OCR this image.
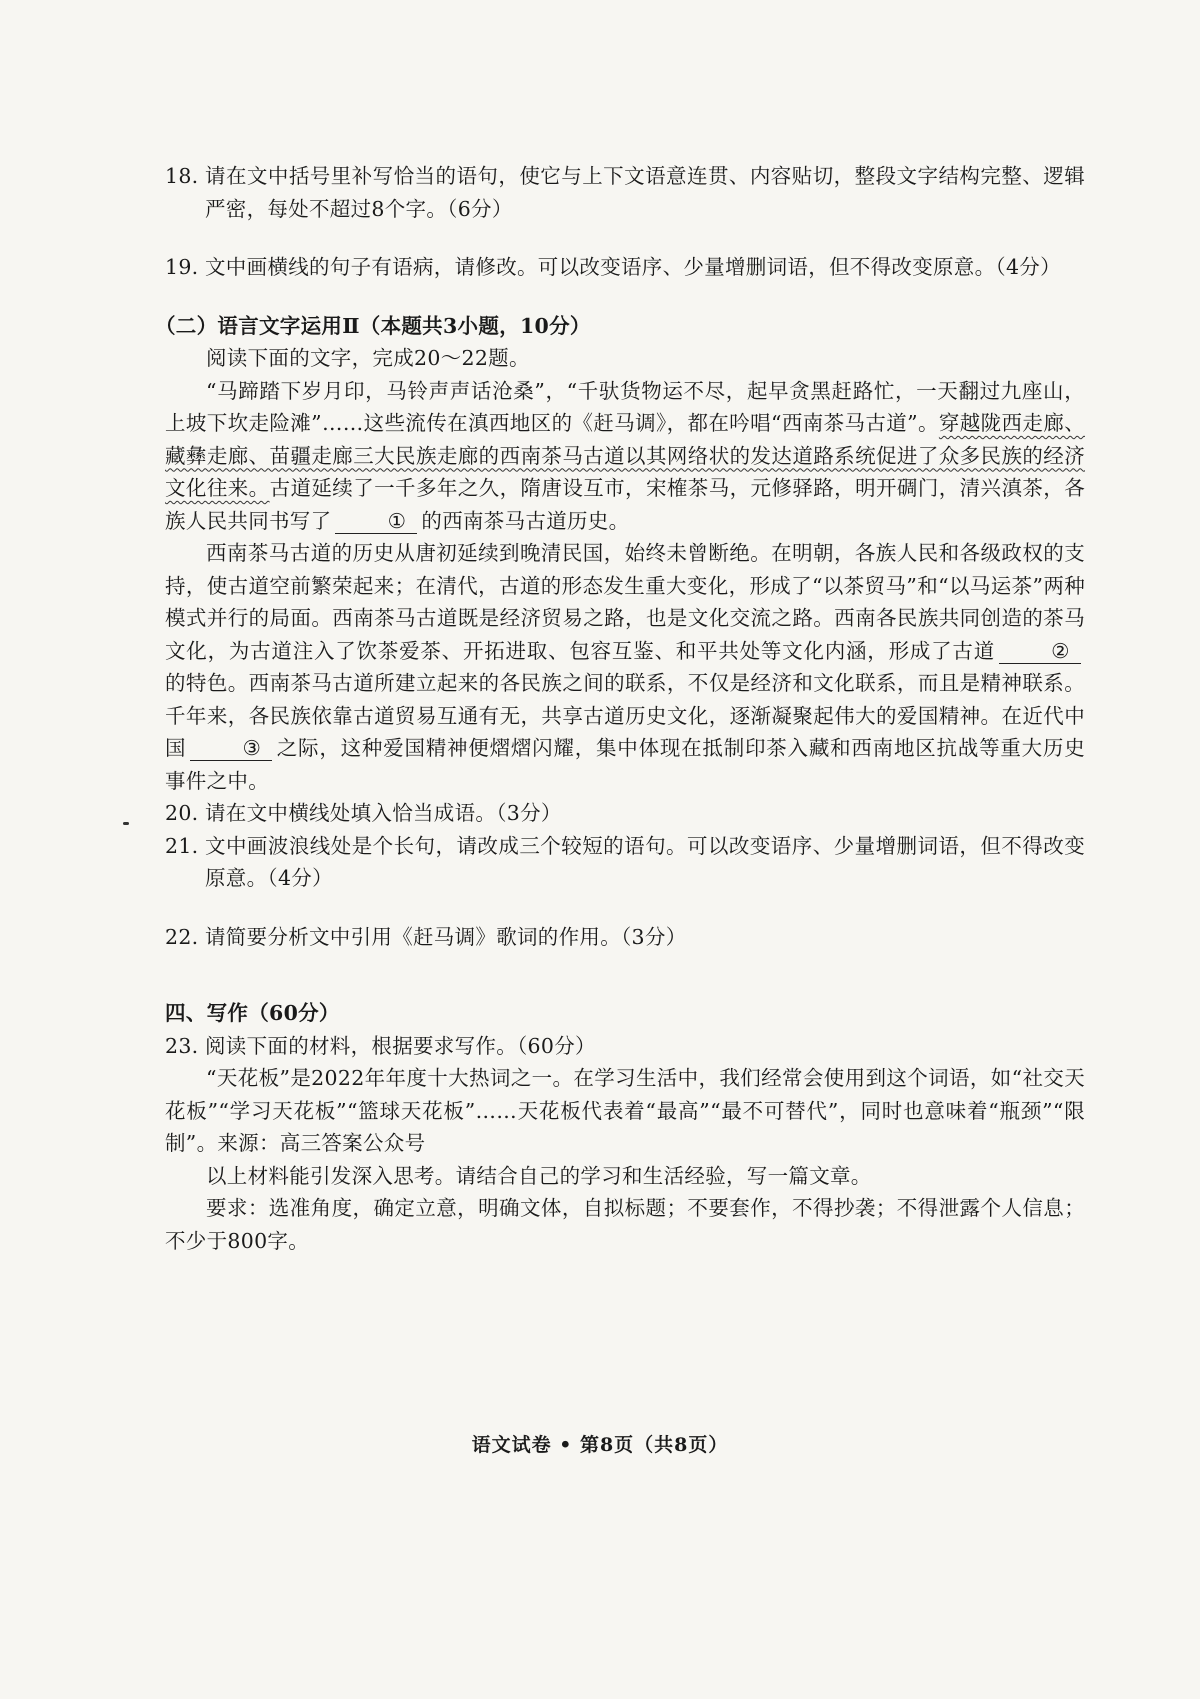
18. 请在文中括号里补写恰当的语句，使它与上下文语意连贯、内容贴切，整段文字结构完整、逻辑严密，每处不超过8个字。（6分）
19. 文中画横线的句子有语病，请修改。可以改变语序、少量增删词语，但不得改变原意。（4分）
（二）语言文字运用Ⅱ（本题共3小题，10分）
阅读下面的文字，完成20～22题。
“马蹄踏下岁月印，马铃声声话沧桑”，“千驮货物运不尽，起早贪黑赶路忙，一天翻过九座山，上坡下坎走险滩”……这些流传在滇西地区的《赶马调》，都在吟唱“西南茶马古道”。穿越陇西走廊、藏彝走廊、苗疆走廊三大民族走廊的西南茶马古道以其网络状的发达道路系统促进了众多民族的经济文化往来。古道延续了一千多年之久，隋唐设互市，宋榷茶马，元修驿路，明开碉门，清兴滇茶，各族人民共同书写了	① 的西南茶马古道历史。
西南茶马古道的历史从唐初延续到晚清民国，始终未曾断绝。在明朝，各族人民和各级政权的支持，使古道空前繁荣起来；在清代，古道的形态发生重大变化，形成了“以茶贸马”和“以马运茶”两种模式并行的局面。西南茶马古道既是经济贸易之路，也是文化交流之路。西南各民族共同创造的茶马文化，为古道注入了饮茶爱茶、开拓进取、包容互鉴、和平共处等文化内涵，形成了古道	②的特色。西南茶马古道所建立起来的各民族之间的联系，不仅是经济和文化联系，而且是精神联系。千年来，各民族依靠古道贸易互通有无，共享古道历史文化，逐渐凝聚起伟大的爱国精神。在近代中国	③ 之际，这种爱国精神便熠熠闪耀，集中体现在抵制印茶入藏和西南地区抗战等重大历史事件之中。
20. 请在文中横线处填入恰当成语。（3分）
21. 文中画波浪线处是个长句，请改成三个较短的语句。可以改变语序、少量增删词语，但不得改变原意。（4分）
22. 请简要分析文中引用《赶马调》歌词的作用。（3分）
四、写作（60分）
23. 阅读下面的材料，根据要求写作。（60分）
“天花板”是2022年年度十大热词之一。在学习生活中，我们经常会使用到这个词语，如“社交天花板”“学习天花板”“篮球天花板”……天花板代表着“最高”“最不可替代”，同时也意味着“瓶颈”“限制”。来源：高三答案公众号
以上材料能引发深入思考。请结合自己的学习和生活经验，写一篇文章。
要求：选准角度，确定立意，明确文体，自拟标题；不要套作，不得抄袭；不得泄露个人信息；不少于800字。
语文试卷 • 第8页（共8页）
